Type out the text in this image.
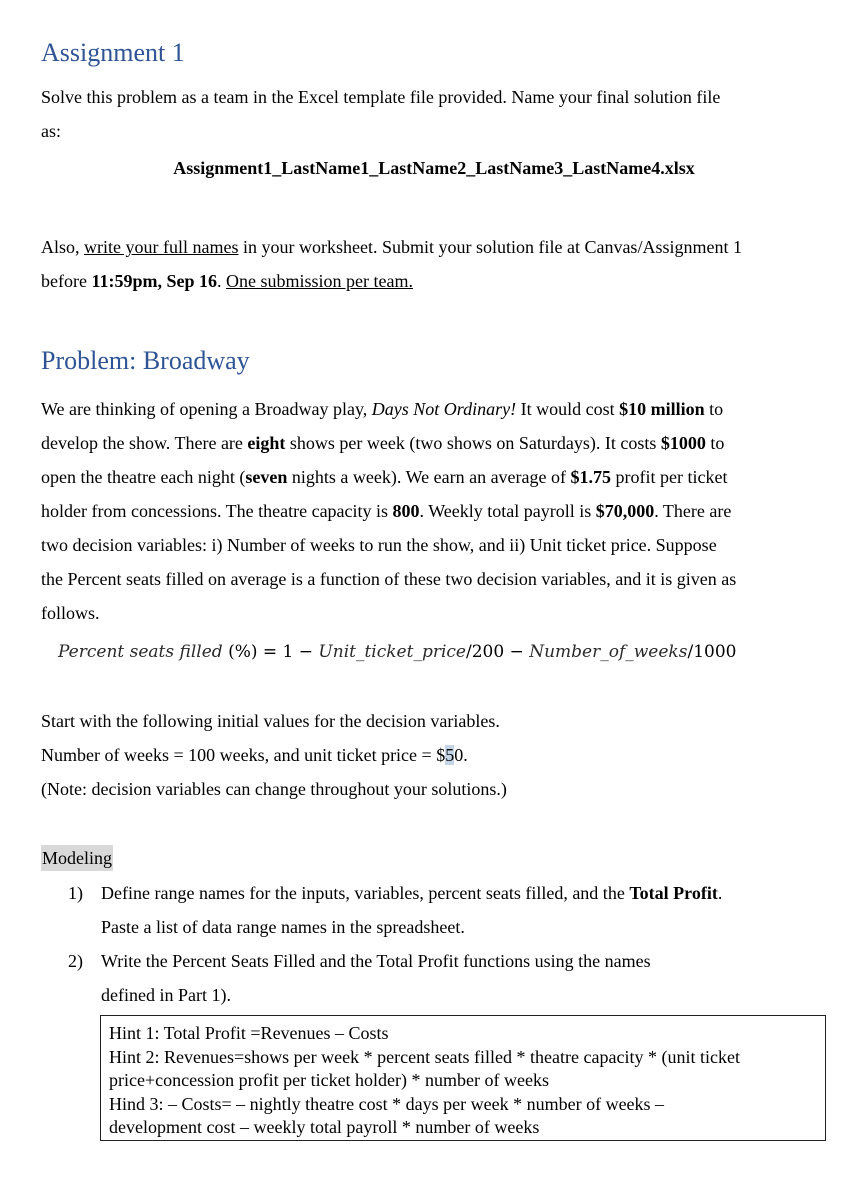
Assignment 1
Solve this problem as a team in the Excel template file provided. Name your final solution file
as:
Assignment1_LastName1_LastName2_LastName3_LastName4.xlsx
Also, write your full names in your worksheet. Submit your solution file at Canvas/Assignment 1
before 11:59pm, Sep 16. One submission per team.
Problem: Broadway
We are thinking of opening a Broadway play, Days Not Ordinary! It would cost $10 million to
develop the show. There are eight shows per week (two shows on Saturdays). It costs $1000 to
open the theatre each night (seven nights a week). We earn an average of $1.75 profit per ticket
holder from concessions. The theatre capacity is 800. Weekly total payroll is $70,000. There are
two decision variables: i) Number of weeks to run the show, and ii) Unit ticket price. Suppose
the Percent seats filled on average is a function of these two decision variables, and it is given as
follows.
Percent seats filled (%) = 1 − Unit_ticket_price/200 − Number_of_weeks/1000
Start with the following initial values for the decision variables.
Number of weeks = 100 weeks, and unit ticket price = $50.
(Note: decision variables can change throughout your solutions.)
Modeling
1) Define range names for the inputs, variables, percent seats filled, and the Total Profit.
Paste a list of data range names in the spreadsheet.
2) Write the Percent Seats Filled and the Total Profit functions using the names
defined in Part 1).
Hint 1: Total Profit =Revenues – Costs
Hint 2: Revenues=shows per week * percent seats filled * theatre capacity * (unit ticket
price+concession profit per ticket holder) * number of weeks
Hind 3: – Costs= – nightly theatre cost * days per week * number of weeks –
development cost – weekly total payroll * number of weeks
